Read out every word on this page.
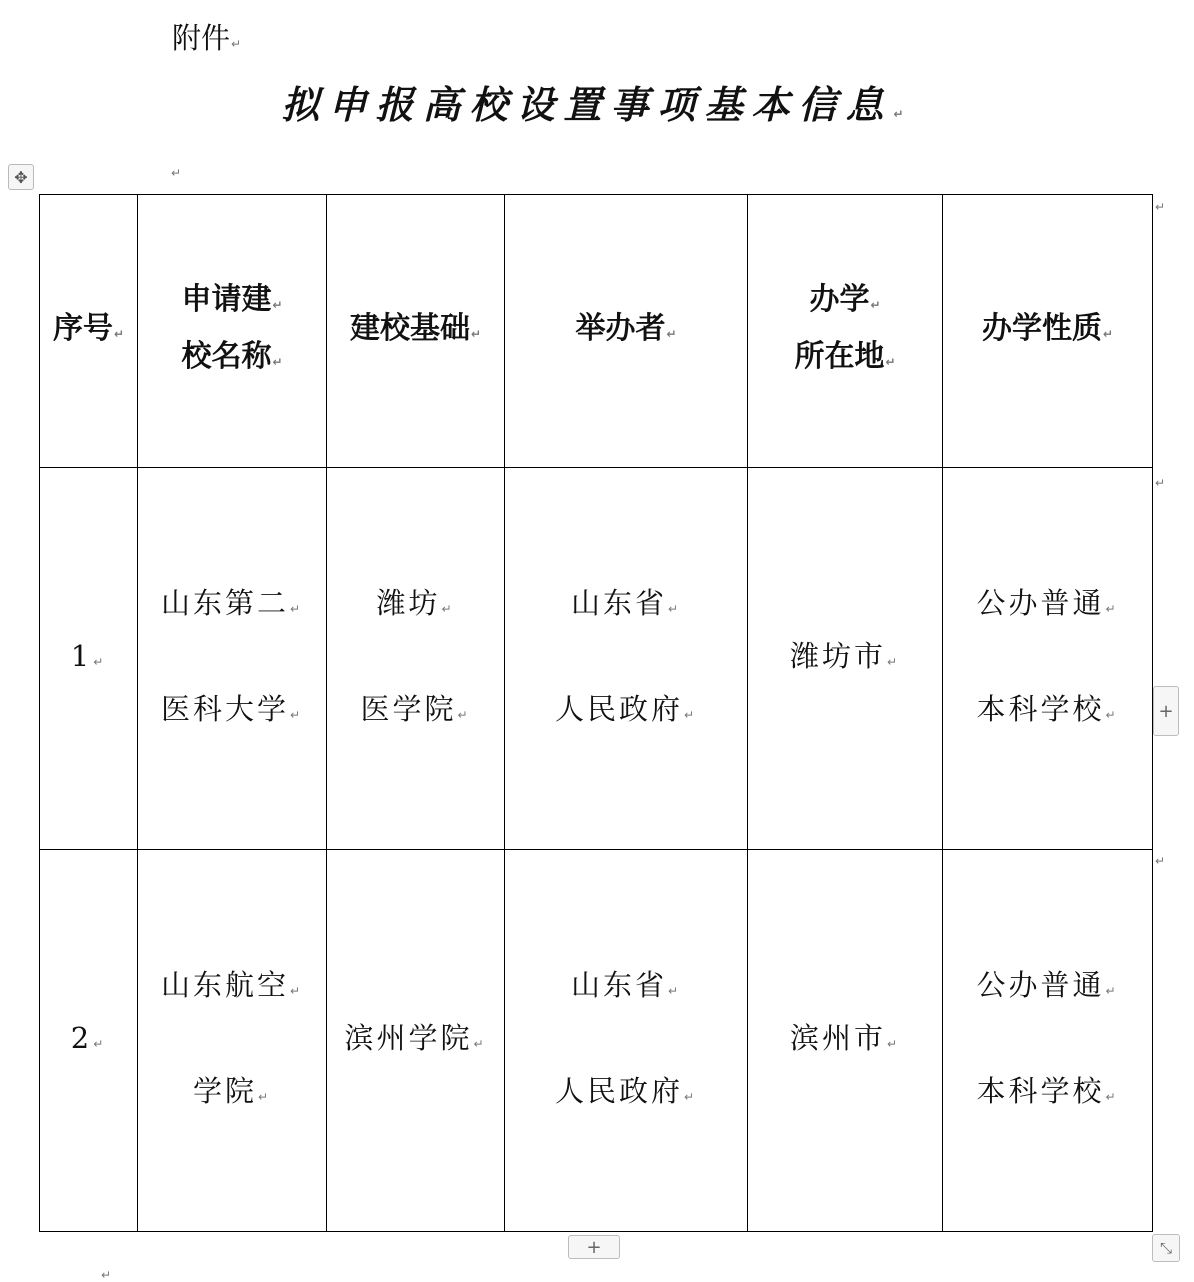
附件↵
拟申报高校设置事项基本信息↵
✥	↵
序号↵	申请建↵
校名称↵	建校基础↵	举办者↵	办学↵
所在地↵	办学性质↵

1↵	山东第二↵
医科大学↵	潍坊↵
医学院↵	山东省↵
人民政府↵	潍坊市↵	公办普通↵
本科学校↵

2↵	山东航空↵
学院↵	滨州学院↵	山东省↵
人民政府↵	滨州市↵	公办普通↵
本科学校↵
↵
↵
↵
+
+	⤡
↵
